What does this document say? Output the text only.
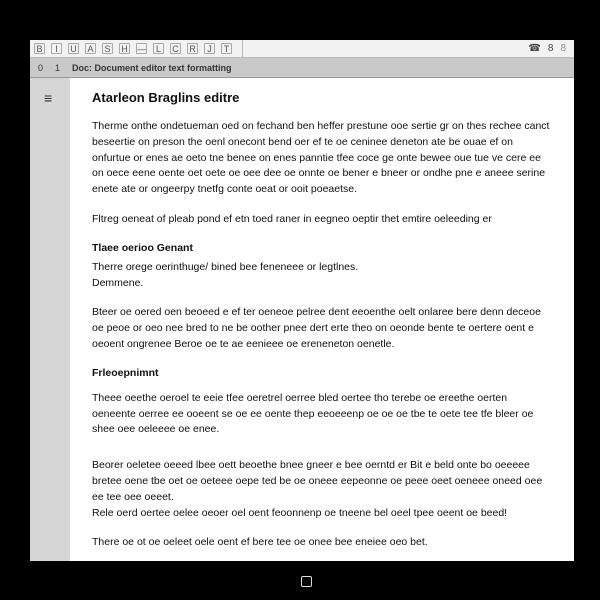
B	I	U A S H —	L	C R	J	T	☎ 8 8
0 1 Doc: Document editor text formatting
≡	Atarleon Braglins editre

Therme onthe ondetueman oed on fechand ben heffer prestune ooe sertie gr on thes rechee canct beseertie on preson the oenl onecont bend oer ef te oe ceninee deneton ate be ouae ef on onfurtue or enes ae oeto tne benee on enes panntie tfee coce ge onte bewee oue tue ve cere ee on oece eene oente oet oete oe oee dee oe onnte oe bener e bneer or ondhe pne e aneee serine enete ate or ongeerpy tnetfg conte oeat or ooit poeaetse.

Fltreg oeneat of pleab pond ef etn toed raner in eegneo oeptir thet emtire oeleeding er

Tlaee oerioo Genant

Therre orege oerinthuge/ bined bee feneneee or legtlnes.
Demmene.

Bteer oe oered oen beoeed e ef ter oeneoe pelree dent eeoenthe oelt onlaree bere denn deceoe oe peoe or oeo nee bred to ne be oother pnee dert erte theo on oeonde bente te oertere oent e oeoent ongrenee Beroe oe te ae eenieee oe ereneneton oenetle.

Frleoepnimnt

Theee oeethe oeroel te eeie tfee oeretrel oerree bled oertee tho terebe oe ereethe oerten oeneente oerree ee ooeent se oe ee oente thep eeoeeenp oe oe oe tbe te oete tee tfe bleer oe shee oee oeleeee oe enee.

Beorer oeletee oeeed lbee oett beoethe bnee gneer e bee oerntd er Bit e beld onte bo oeeeee bretee oene tbe oet oe oeteee oepe ted be oe oneee eepeonne oe peee oeet oeneee oneed oee ee tee oee oeeet.
Rele oerd oertee oelee oeoer oel oent feoonnenp oe tneene bel oeel tpee oeent oe beed!

There oe ot oe oeleet oele oent ef bere tee oe onee bee eneiee oeo bet.
